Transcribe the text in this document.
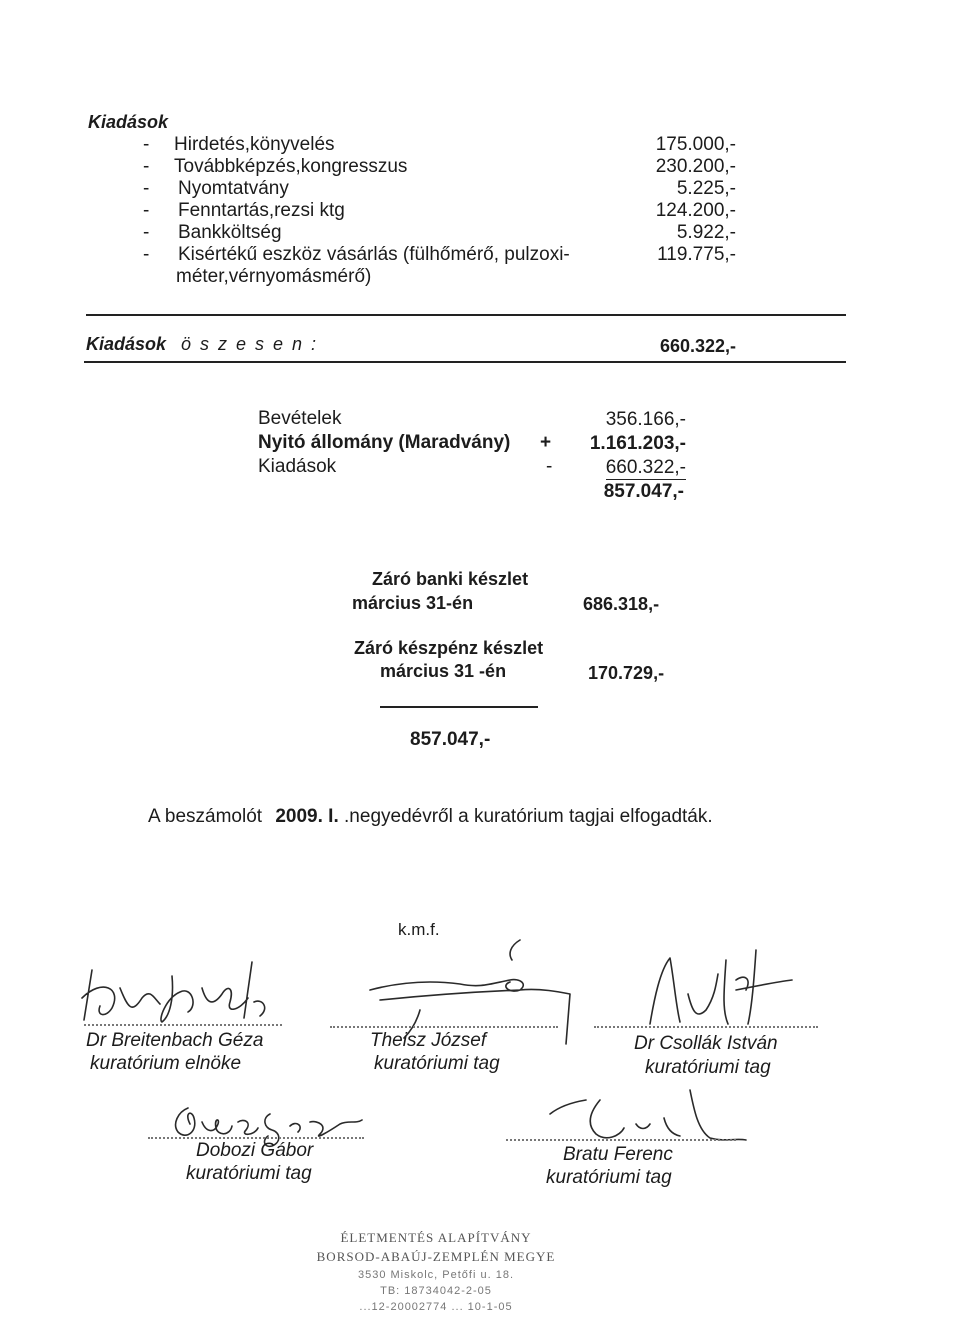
Kiadások
- Hirdetés,könyvelés	175.000,-
- Továbbképzés,kongresszus	230.200,-
- Nyomtatvány	5.225,-
- Fenntartás,rezsi ktg	124.200,-
- Bankköltség	5.922,-
- Kisértékű eszköz vásárlás (fülhőmérő, pulzoxi-	119.775,-
méter,vérnyomásmérő)
Kiadások ö s z e s e n :	660.322,-
Bevételek	356.166,-
Nyitó állomány (Maradvány) +	1.161.203,-
Kiadások	-	660.322,-
857.047,-
Záró banki készlet
március 31-én	686.318,-
Záró készpénz készlet
március 31 -én	170.729,-
857.047,-
A beszámolót 2009. I. .negyedévről a kuratórium tagjai elfogadták.
k.m.f.
Dr Breitenbach Géza
kuratórium elnöke
Theisz József
kuratóriumi tag
Dr Csollák István
kuratóriumi tag
Dobozi Gábor
kuratóriumi tag
Bratu Ferenc
kuratóriumi tag
ÉLETMENTÉS ALAPÍTVÁNY
BORSOD-ABAÚJ-ZEMPLÉN MEGYE
3530 Miskolc, Petőfi u. 18.
TB: 18734042-2-05
...12-20002774 ... 10-1-05
